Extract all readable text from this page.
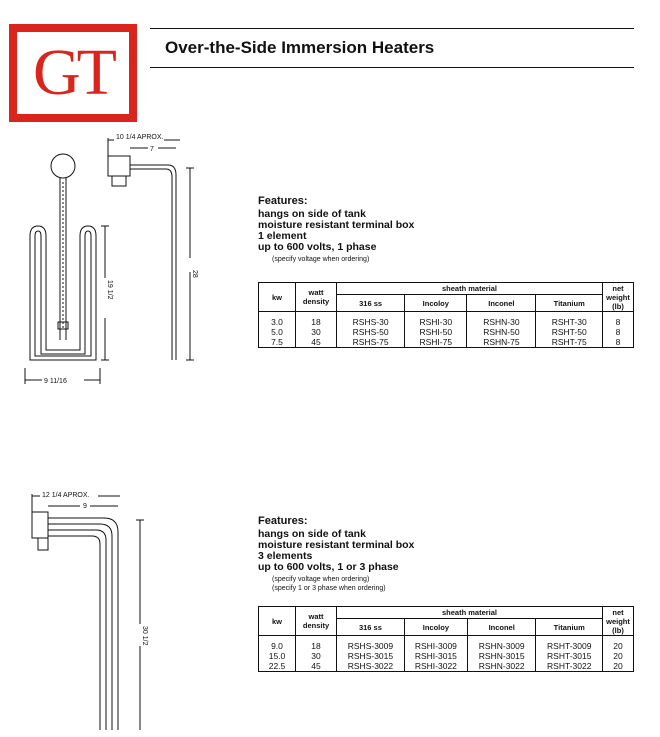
GT	Over-the-Side Immersion Heaters
10 1/4 APROX.
7
28
19 1/2
9 11/16
12 1/4 APROX.
9
30 1/2
Features:
hangs on side of tank
moisture resistant terminal box
1 element
up to 600 volts, 1 phase
(specify voltage when ordering)
kw	watt density	sheath material				net weight (lb)
		316 ss	Incoloy	Inconel	Titanium	

3.0	18	RSHS-30	RSHI-30	RSHN-30	RSHT-30	8
5.0	30	RSHS-50	RSHI-50	RSHN-50	RSHT-50	8
7.5	45	RSHS-75	RSHI-75	RSHN-75	RSHT-75	8
Features:
hangs on side of tank
moisture resistant terminal box
3 elements
up to 600 volts, 1 or 3 phase
(specify voltage when ordering)
(specify 1 or 3 phase when ordering)
kw	watt density	sheath material				net weight (lb)
		316 ss	Incoloy	Inconel	Titanium	

9.0	18	RSHS-3009	RSHI-3009	RSHN-3009	RSHT-3009	20
15.0	30	RSHS-3015	RSHI-3015	RSHN-3015	RSHT-3015	20
22.5	45	RSHS-3022	RSHI-3022	RSHN-3022	RSHT-3022	20
